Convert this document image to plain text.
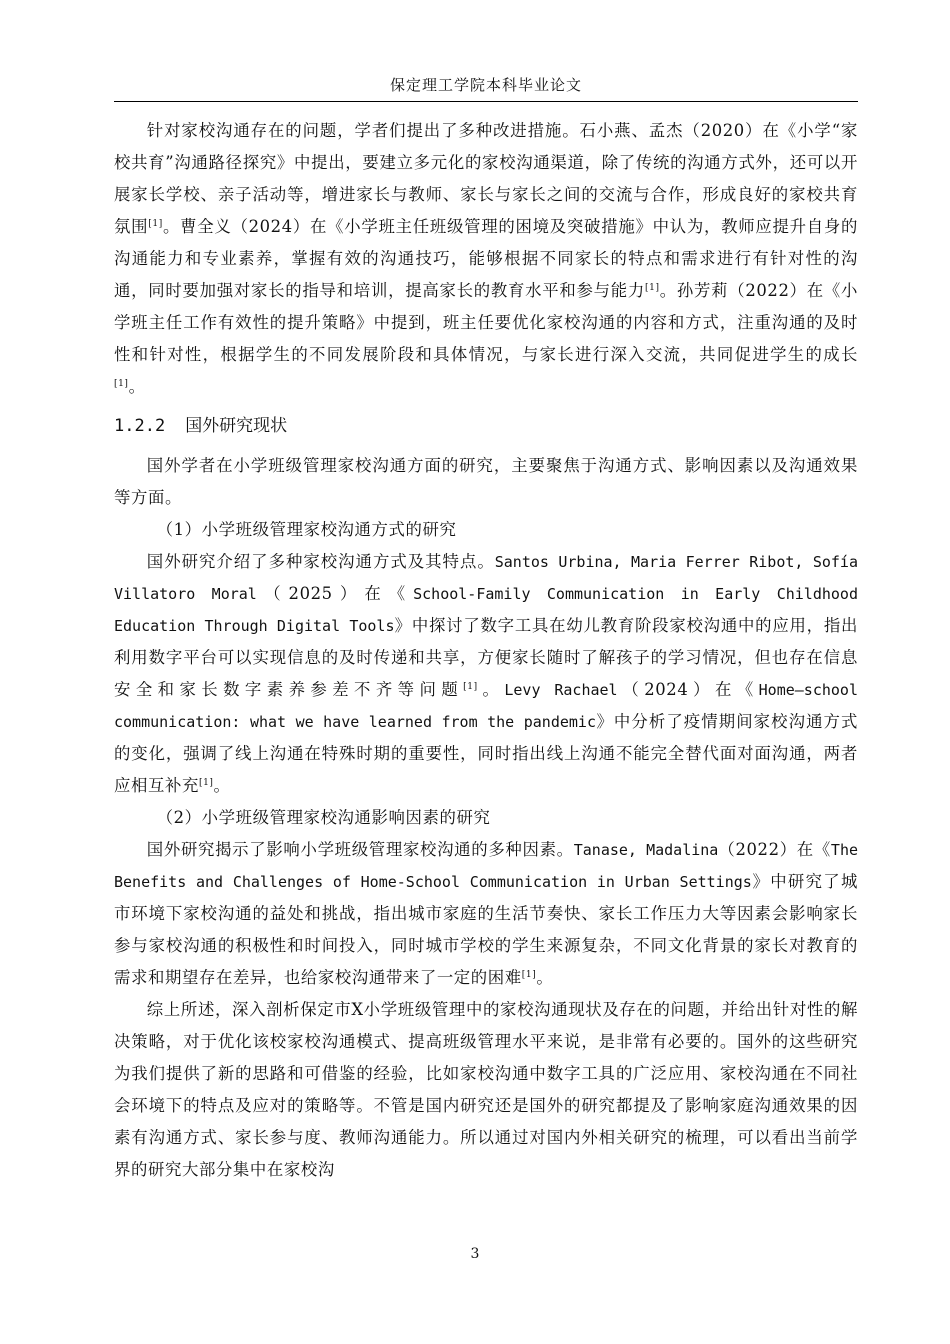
保定理工学院本科毕业论文

针对家校沟通存在的问题，学者们提出了多种改进措施。石小燕、孟杰（2020）在《小学“家校共育”沟通路径探究》中提出，要建立多元化的家校沟通渠道，除了传统的沟通方式外，还可以开展家长学校、亲子活动等，增进家长与教师、家长与家长之间的交流与合作，形成良好的家校共育氛围[1]。曹全义（2024）在《小学班主任班级管理的困境及突破措施》中认为，教师应提升自身的沟通能力和专业素养，掌握有效的沟通技巧，能够根据不同家长的特点和需求进行有针对性的沟通，同时要加强对家长的指导和培训，提高家长的教育水平和参与能力[1]。孙芳莉（2022）在《小学班主任工作有效性的提升策略》中提到，班主任要优化家校沟通的内容和方式，注重沟通的及时性和针对性，根据学生的不同发展阶段和具体情况，与家长进行深入交流，共同促进学生的成长[1]。

1.2.2 国外研究现状

国外学者在小学班级管理家校沟通方面的研究，主要聚焦于沟通方式、影响因素以及沟通效果等方面。

（1）小学班级管理家校沟通方式的研究

国外研究介绍了多种家校沟通方式及其特点。Santos Urbina, Maria Ferrer Ribot, Sofía Villatoro Moral（2025）在《School-Family Communication in Early Childhood Education Through Digital Tools》中探讨了数字工具在幼儿教育阶段家校沟通中的应用，指出利用数字平台可以实现信息的及时传递和共享，方便家长随时了解孩子的学习情况，但也存在信息安全和家长数字素养参差不齐等问题[1]。Levy Rachael（2024）在《Home–school communication: what we have learned from the pandemic》中分析了疫情期间家校沟通方式的变化，强调了线上沟通在特殊时期的重要性，同时指出线上沟通不能完全替代面对面沟通，两者应相互补充[1]。

（2）小学班级管理家校沟通影响因素的研究

国外研究揭示了影响小学班级管理家校沟通的多种因素。Tanase, Madalina（2022）在《The Benefits and Challenges of Home-School Communication in Urban Settings》中研究了城市环境下家校沟通的益处和挑战，指出城市家庭的生活节奏快、家长工作压力大等因素会影响家长参与家校沟通的积极性和时间投入，同时城市学校的学生来源复杂，不同文化背景的家长对教育的需求和期望存在差异，也给家校沟通带来了一定的困难[1]。

综上所述，深入剖析保定市X小学班级管理中的家校沟通现状及存在的问题，并给出针对性的解决策略，对于优化该校家校沟通模式、提高班级管理水平来说，是非常有必要的。国外的这些研究为我们提供了新的思路和可借鉴的经验，比如家校沟通中数字工具的广泛应用、家校沟通在不同社会环境下的特点及应对的策略等。不管是国内研究还是国外的研究都提及了影响家庭沟通效果的因素有沟通方式、家长参与度、教师沟通能力。所以通过对国内外相关研究的梳理，可以看出当前学界的研究大部分集中在家校沟

3
